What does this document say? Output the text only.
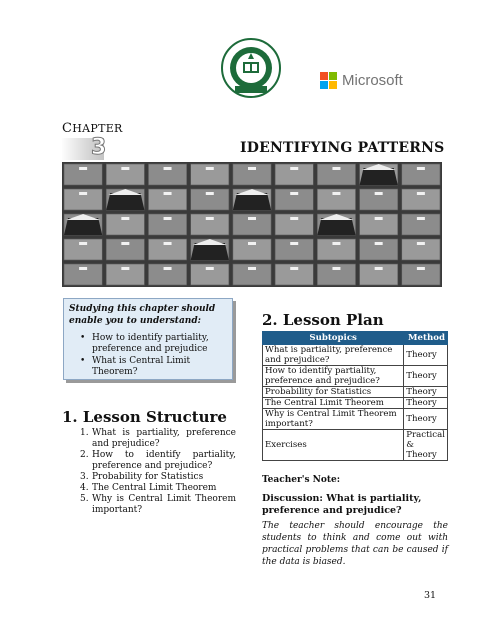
Microsoft
CHAPTER
3	IDENTIFYING PATTERNS
Studying this chapter should enable you to understand:
• How to identify partiality, preference and prejudice
• What is Central Limit Theorem?
1. Lesson Structure
1. What is partiality, preference and prejudice?
2. How to identify partiality, preference and prejudice?
3. Probability for Statistics
4. The Central Limit Theorem
5. Why is Central Limit Theorem important?
2. Lesson Plan
Subtopics	Method
What is partiality, preference and prejudice?	Theory
How to identify partiality, preference and prejudice?	Theory
Probability for Statistics	Theory
The Central Limit Theorem	Theory
Why is Central Limit Theorem important?	Theory
Exercises	Practical & Theory
Teacher's Note:
Discussion: What is partiality, preference and prejudice?
The teacher should encourage the students to think and come out with practical problems that can be caused if the data is biased.
31
